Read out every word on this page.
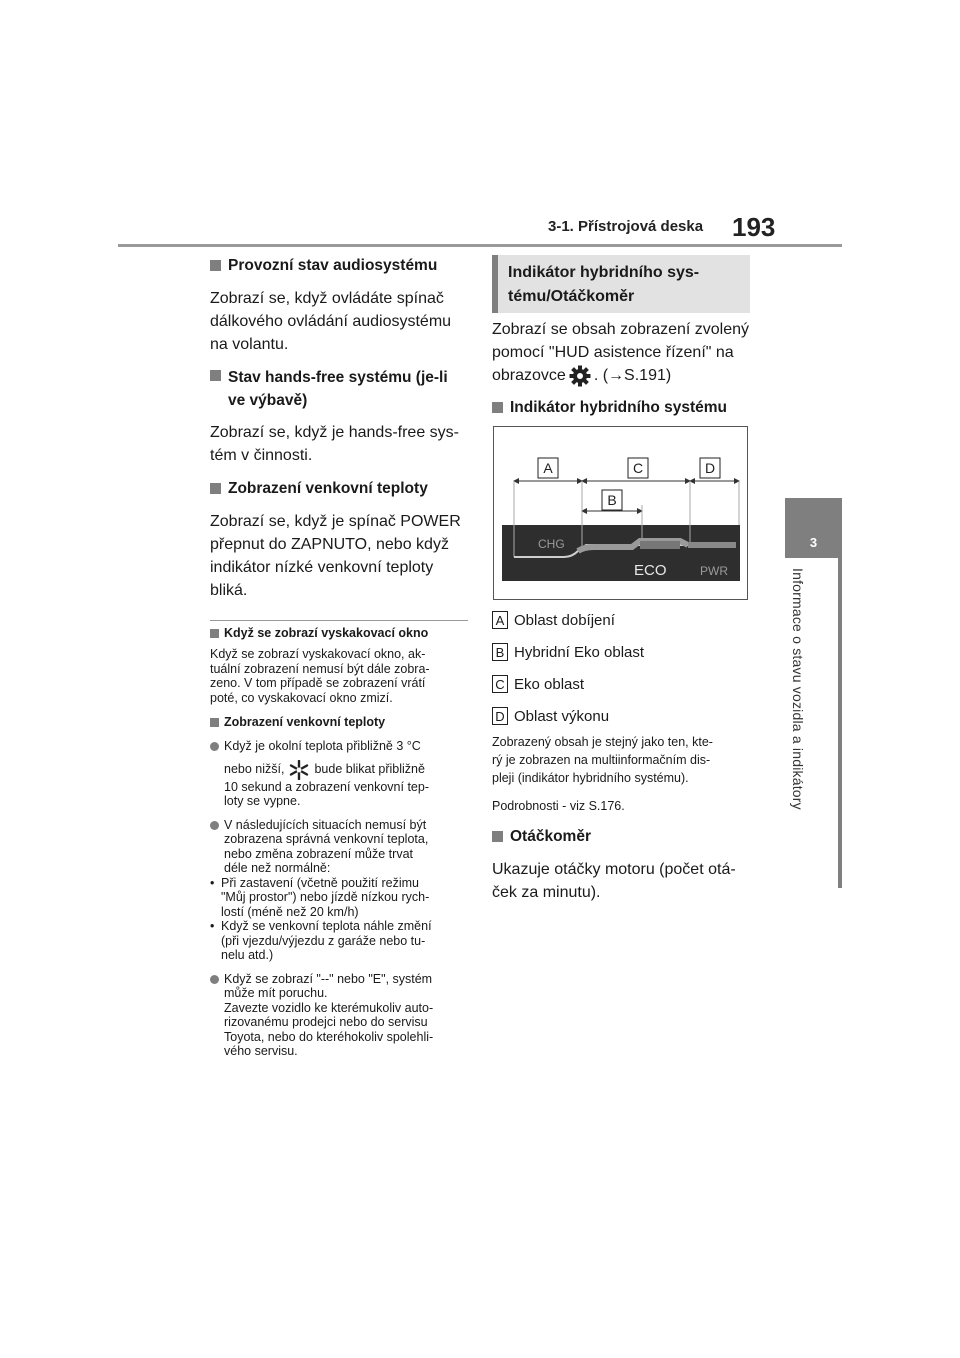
3-1. Přístrojová deska 193
3
Informace o stavu vozidla a indikátory

Provozní stav audiosystému

Zobrazí se, když ovládáte spínač

dálkového ovládání audiosystému

na volantu.

Stav hands-free systému (je-li
ve výbavě)

Zobrazí se, když je hands-free sys-

tém v činnosti.

Zobrazení venkovní teploty

Zobrazí se, když je spínač POWER

přepnut do ZAPNUTO, nebo když

indikátor nízké venkovní teploty

bliká.

Když se zobrazí vyskakovací okno

Když se zobrazí vyskakovací okno, ak-

tuální zobrazení nemusí být dále zobra-

zeno. V tom případě se zobrazení vrátí

poté, co vyskakovací okno zmizí.

Zobrazení venkovní teploty

Když je okolní teplota přibližně 3 °C
nebo nižší, bude blikat přibližně
10 sekund a zobrazení venkovní tep-
loty se vypne.
V následujících situacích nemusí být
zobrazena správná venkovní teplota,
nebo změna zobrazení může trvat
déle než normálně:
• Při zastavení (včetně použití režimu
"Můj prostor") nebo jízdě nízkou rych-
lostí (méně než 20 km/h)
• Když se venkovní teplota náhle změní
(při vjezdu/výjezdu z garáže nebo tu-
nelu atd.)
Když se zobrazí "--" nebo "E", systém
může mít poruchu.
Zavezte vozidlo ke kterémukoliv auto-
rizovanému prodejci nebo do servisu
Toyota, nebo do kteréhokoliv spolehli-
vého servisu.
Indikátor hybridního sys-
tému/Otáčkoměr

Zobrazí se obsah zobrazení zvolený

pomocí "HUD asistence řízení" na

obrazovce . (→S.191)

Indikátor hybridního systému

A	C	D
B
CHG
ECO	PWR
A Oblast dobíjení
B Hybridní Eko oblast
C Eko oblast
D Oblast výkonu

Zobrazený obsah je stejný jako ten, kte-

rý je zobrazen na multiinformačním dis-

pleji (indikátor hybridního systému).

Podrobnosti - viz S.176.

Otáčkoměr

Ukazuje otáčky motoru (počet otá-

ček za minutu).
